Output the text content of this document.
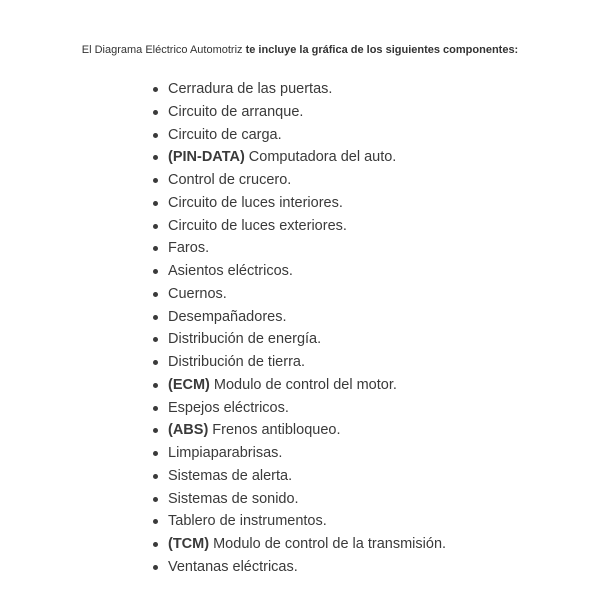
El Diagrama Eléctrico Automotriz te incluye la gráfica de los siguientes componentes:
Cerradura de las puertas.
Circuito de arranque.
Circuito de carga.
(PIN-DATA) Computadora del auto.
Control de crucero.
Circuito de luces interiores.
Circuito de luces exteriores.
Faros.
Asientos eléctricos.
Cuernos.
Desempañadores.
Distribución de energía.
Distribución de tierra.
(ECM) Modulo de control del motor.
Espejos eléctricos.
(ABS) Frenos antibloqueo.
Limpiaparabrisas.
Sistemas de alerta.
Sistemas de sonido.
Tablero de instrumentos.
(TCM) Modulo de control de la transmisión.
Ventanas eléctricas.
